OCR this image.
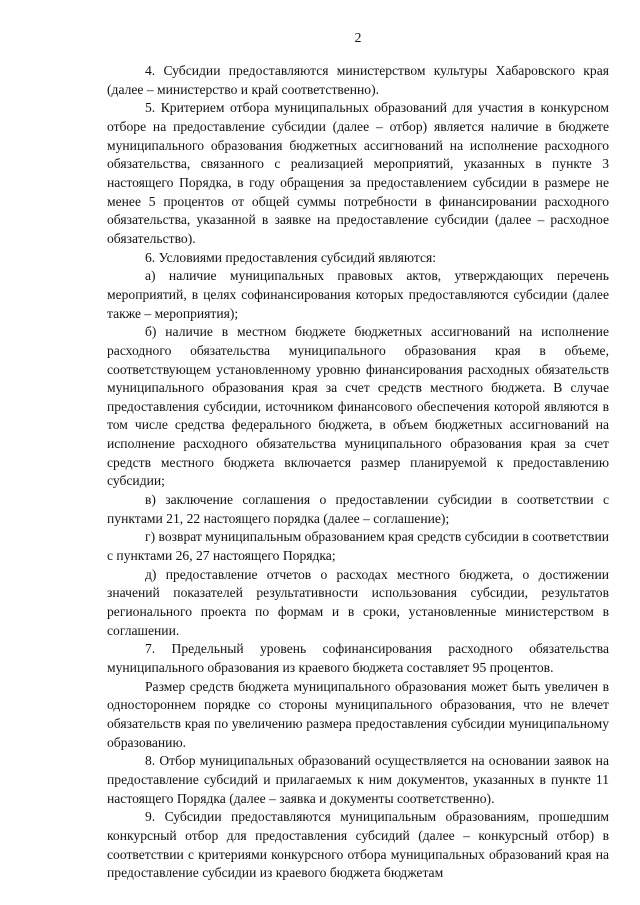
2

4. Субсидии предоставляются министерством культуры Хабаровского края (далее – министерство и край соответственно).

5. Критерием отбора муниципальных образований для участия в конкурсном отборе на предоставление субсидии (далее – отбор) является наличие в бюджете муниципального образования бюджетных ассигнований на исполнение расходного обязательства, связанного с реализацией мероприятий, указанных в пункте 3 настоящего Порядка, в году обращения за предоставлением субсидии в размере не менее 5 процентов от общей суммы потребности в финансировании расходного обязательства, указанной в заявке на предоставление субсидии (далее – расходное обязательство).

6. Условиями предоставления субсидий являются:

а) наличие муниципальных правовых актов, утверждающих перечень мероприятий, в целях софинансирования которых предоставляются субсидии (далее также – мероприятия);

б) наличие в местном бюджете бюджетных ассигнований на исполнение расходного обязательства муниципального образования края в объеме, соответствующем установленному уровню финансирования расходных обязательств муниципального образования края за счет средств местного бюджета. В случае предоставления субсидии, источником финансового обеспечения которой являются в том числе средства федерального бюджета, в объем бюджетных ассигнований на исполнение расходного обязательства муниципального образования края за счет средств местного бюджета включается размер планируемой к предоставлению субсидии;

в) заключение соглашения о предоставлении субсидии в соответствии с пунктами 21, 22 настоящего порядка (далее – соглашение);

г) возврат муниципальным образованием края средств субсидии в соответствии с пунктами 26, 27 настоящего Порядка;

д) предоставление отчетов о расходах местного бюджета, о достижении значений показателей результативности использования субсидии, результатов регионального проекта по формам и в сроки, установленные министерством в соглашении.

7. Предельный уровень софинансирования расходного обязательства муниципального образования из краевого бюджета составляет 95 процентов.

Размер средств бюджета муниципального образования может быть увеличен в одностороннем порядке со стороны муниципального образования, что не влечет обязательств края по увеличению размера предоставления субсидии муниципальному образованию.

8. Отбор муниципальных образований осуществляется на основании заявок на предоставление субсидий и прилагаемых к ним документов, указанных в пункте 11 настоящего Порядка (далее – заявка и документы соответственно).

9. Субсидии предоставляются муниципальным образованиям, прошедшим конкурсный отбор для предоставления субсидий (далее – конкурсный отбор) в соответствии с критериями конкурсного отбора муниципальных образований края на предоставление субсидии из краевого бюджета бюджетам
